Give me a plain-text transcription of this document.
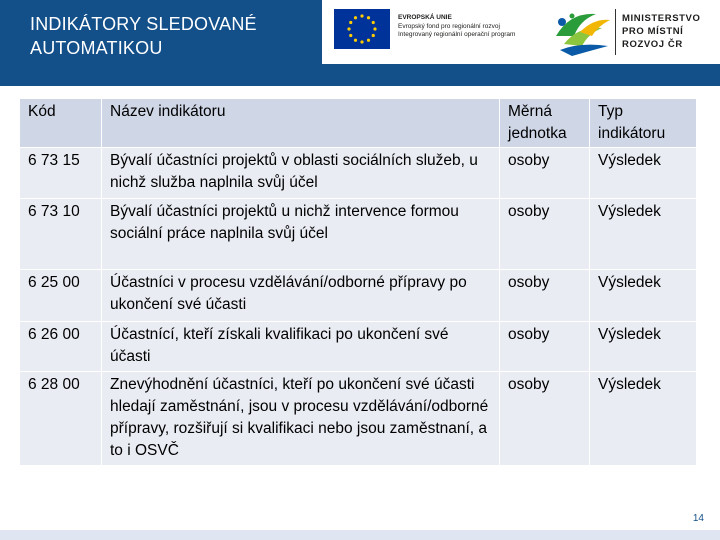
INDIKÁTORY SLEDOVANÉ AUTOMATIKOU
EVROPSKÁ UNIE
Evropský fond pro regionální rozvoj
Integrovaný regionální operační program
MINISTERSTVO
PRO MÍSTNÍ
ROZVOJ ČR
Kód	Název indikátoru	Měrná jednotka	Typ indikátoru
6 73 15	Bývalí účastníci projektů v oblasti sociálních služeb, u nichž služba naplnila svůj účel	osoby	Výsledek
6 73 10	Bývalí účastníci projektů u nichž intervence formou sociální práce naplnila svůj účel	osoby	Výsledek
6 25 00	Účastníci v procesu vzdělávání/odborné přípravy po ukončení své účasti	osoby	Výsledek
6 26 00	Účastnící, kteří získali kvalifikaci po ukončení své účasti	osoby	Výsledek
6 28 00	Znevýhodnění účastníci, kteří po ukončení své účasti hledají zaměstnání, jsou v procesu vzdělávání/odborné přípravy, rozšiřují si kvalifikaci nebo jsou zaměstnaní, a to i OSVČ	osoby	Výsledek
14
